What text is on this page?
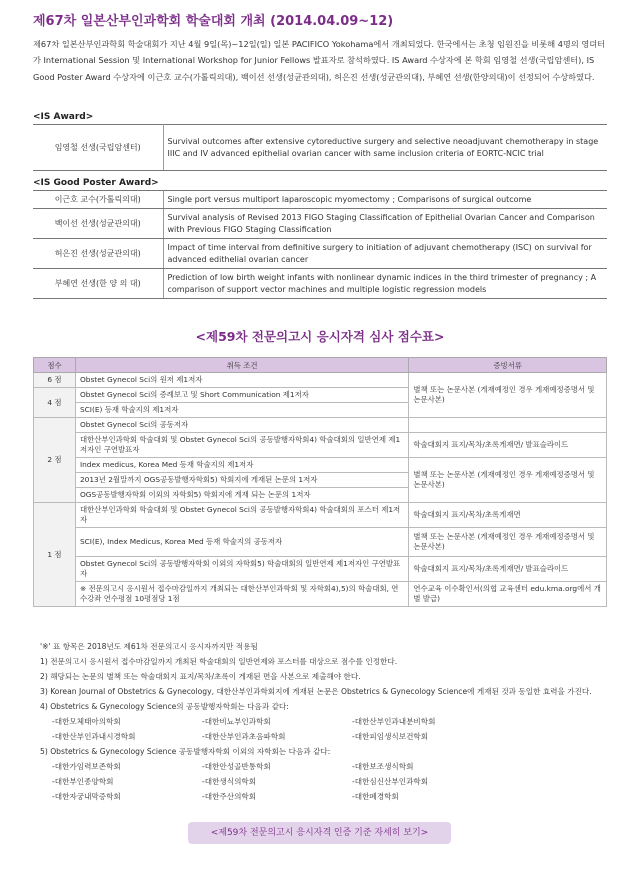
제67차 일본산부인과학회 학술대회 개최 (2014.04.09~12)
제67차 일본산부인과학회 학술대회가 지난 4월 9일(목)~12일(일) 일본 PACIFICO Yokohama에서 개최되었다. 한국에서는 초청 임원진을 비롯해 4명의 영뎌터가 International Session 및 International Workshop for Junior Fellows 발표자로 참석하였다. IS Award 수상자에 본 학회 임영철 선생(국립암센터), IS Good Poster Award 수상자에 이근호 교수(가톨릭의대), 백이선 선생(성균관의대), 허은진 선생(성균관의대), 부혜연 선생(한양의대)이 선정되어 수상하였다.
<IS Award>
임영철 선생(국립암센터)	Survival outcomes after extensive cytoreductive surgery and selective neoadjuvant chemotherapy in stage IIIC and IV advanced epithelial ovarian cancer with same inclusion criteria of EORTC-NCIC trial
<IS Good Poster Award>
이근호 교수(가톨릭의대)	Single port versus multiport laparoscopic myomectomy ; Comparisons of surgical outcome
백이선 선생(성균관의대)	Survival analysis of Revised 2013 FIGO Staging Classification of Epithelial Ovarian Cancer and Comparison with Previous FIGO Staging Classification
허은진 선생(성균관의대)	Impact of time interval from definitive surgery to initiation of adjuvant chemotherapy (ISC) on survival for advanced edithelial ovarian cancer
부혜연 선생(한 양 의 대)	Prediction of low birth weight infants with nonlinear dynamic indices in the third trimester of pregnancy ; A comparison of support vector machines and multiple logistic regression models
<제59차 전문의고시 응시자격 심사 점수표>
점수	취득 조건	증빙서류
6 점	Obstet Gynecol Sci의 원저 제1저자	별책 또는 논문사본 (게재예정인 경우 게재예정증명서 및 논문사본)
4 점	Obstet Gynecol Sci의 증례보고 및 Short Communication 제1저자	
	SCI(E) 등재 학술지의 제1저자	
2 점	Obstet Gynecol Sci의 공동저자	
	대한산부인과학회 학술대회 및 Obstet Gynecol Sci의 공동발행자학회4) 학술대회의 일반연제 제1저자인 구연발표자	학술대회지 표지/목차/초록게재면/ 발표슬라이드
	Index medicus, Korea Med 등재 학술지의 제1저자	별책 또는 논문사본 (게재예정인 경우 게재예정증명서 및 논문사본)
	2013년 2월말까지 OGS공동발행자학회5) 학회지에 게재된 논문의 1저자	
	OGS공동발행자학회 이외의 자학회5) 학회지에 게재 되는 논문의 1저자	
1 점	대한산부인과학회 학술대회 및 Obstet Gynecol Sci의 공동발행자학회4) 학술대회의 포스터 제1저자	학술대회지 표지/목차/초록게재면
	SCI(E), Index Medicus, Korea Med 등재 학술지의 공동저자	별책 또는 논문사본 (게재예정인 경우 게재예정증명서 및 논문사본)
	Obstet Gynecol Sci의 공동발행자학회 이외의 자학회5) 학술대회의 일반연제 제1저자인 구연발표자	학술대회지 표지/목차/초록게재면/ 발표슬라이드
	※ 전문의고시 응시원서 접수마감일까지 개최되는 대한산부인과학회 및 자학회4),5)의 학술대회, 연수강좌 연수평점 10평점당 1점	연수교육 이수확인서(의협 교육센터 edu.kma.org에서 개별 발급)
'※' 표 항목은 2018년도 제61차 전문의고시 응시자까지만 적용됨
1) 전문의고시 응시원서 접수마감일까지 개최된 학술대회의 일반연제와 포스터를 대상으로 점수를 인정한다.
2) 해당되는 논문의 별책 또는 학술대회지 표지/목차/초록이 게재된 면을 사본으로 제출해야 한다.
3) Korean Journal of Obstetrics & Gynecology, 대한산부인과학회지에 게재된 논문은 Obstetrics & Gynecology Science에 게재된 것과 동일한 효력을 가진다.
4) Obstetrics & Gynecology Science의 공동발행자학회는 다음과 같다:
-대한모체태아의학회	-대한비뇨부인과학회	-대한산부인과내분비학회
-대한산부인과내시경학회	-대한산부인과초음파학회	-대한피임생식보건학회
5) Obstetrics & Gynecology Science 공동발행자학회 이외의 자학회는 다음과 같다:
-대한가임력보존학회	-대한안성골반통학회	-대한보조생식학회
-대한부인종양학회	-대한생식의학회	-대한심신산부인과학회
-대한자궁내막증학회	-대한주산의학회	-대한폐경학회
<제59차 전문의고시 응시자격 인증 기준 자세히 보기>
